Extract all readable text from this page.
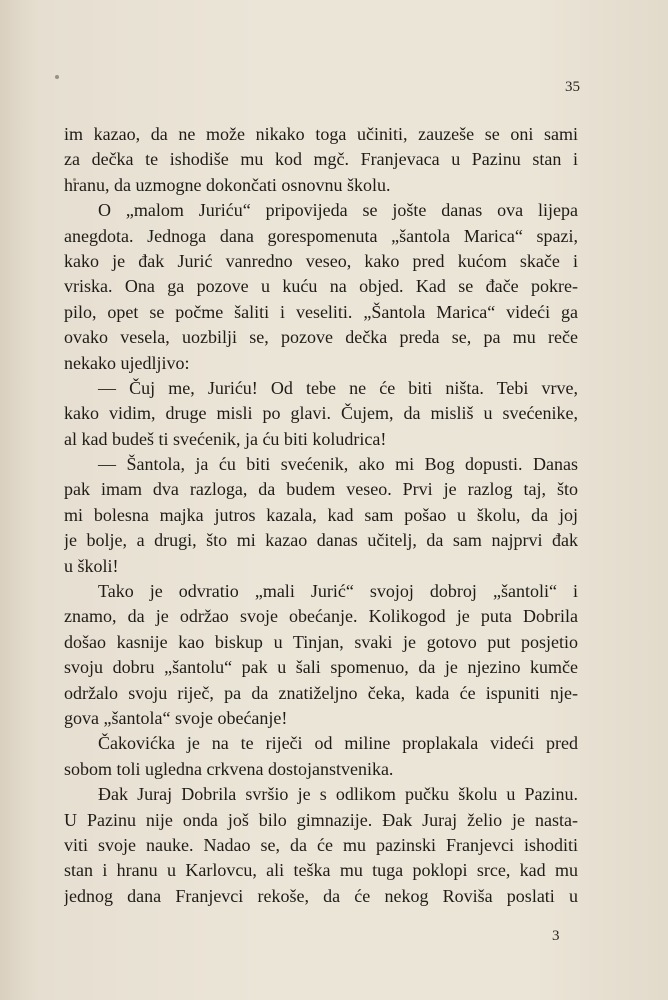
35

im kazao, da ne može nikako toga učiniti, zauzeše se oni sami
za dečka te ishodiše mu kod mgč. Franjevaca u Pazinu stan i
hranu, da uzmogne dokončati osnovnu školu.
O „malom Juriću“ pripovijeda se jošte danas ova lijepa
anegdota. Jednoga dana gorespomenuta „šantola Marica“ spazi,
kako je đak Jurić vanredno veseo, kako pred kućom skače i
vriska. Ona ga pozove u kuću na objed. Kad se đače pokre-
pilo, opet se počme šaliti i veseliti. „Šantola Marica“ videći ga
ovako vesela, uozbilji se, pozove dečka preda se, pa mu reče
nekako ujedljivo:
— Čuj me, Juriću! Od tebe ne će biti ništa. Tebi vrve,
kako vidim, druge misli po glavi. Čujem, da misliš u svećenike,
al kad budeš ti svećenik, ja ću biti koludrica!
— Šantola, ja ću biti svećenik, ako mi Bog dopusti. Danas
pak imam dva razloga, da budem veseo. Prvi je razlog taj, što
mi bolesna majka jutros kazala, kad sam pošao u školu, da joj
je bolje, a drugi, što mi kazao danas učitelj, da sam najprvi đak
u školi!
Tako je odvratio „mali Jurić“ svojoj dobroj „šantoli“ i
znamo, da je održao svoje obećanje. Kolikogod je puta Dobrila
došao kasnije kao biskup u Tinjan, svaki je gotovo put posjetio
svoju dobru „šantolu“ pak u šali spomenuo, da je njezino kumče
održalo svoju riječ, pa da znatiželjno čeka, kada će ispuniti nje-
gova „šantola“ svoje obećanje!
Čakovićka je na te riječi od miline proplakala videći pred
sobom toli ugledna crkvena dostojanstvenika.
Đak Juraj Dobrila svršio je s odlikom pučku školu u Pazinu.
U Pazinu nije onda još bilo gimnazije. Đak Juraj želio je nasta-
viti svoje nauke. Nadao se, da će mu pazinski Franjevci ishoditi
stan i hranu u Karlovcu, ali teška mu tuga poklopi srce, kad mu
jednog dana Franjevci rekoše, da će nekog Roviša poslati u

3
